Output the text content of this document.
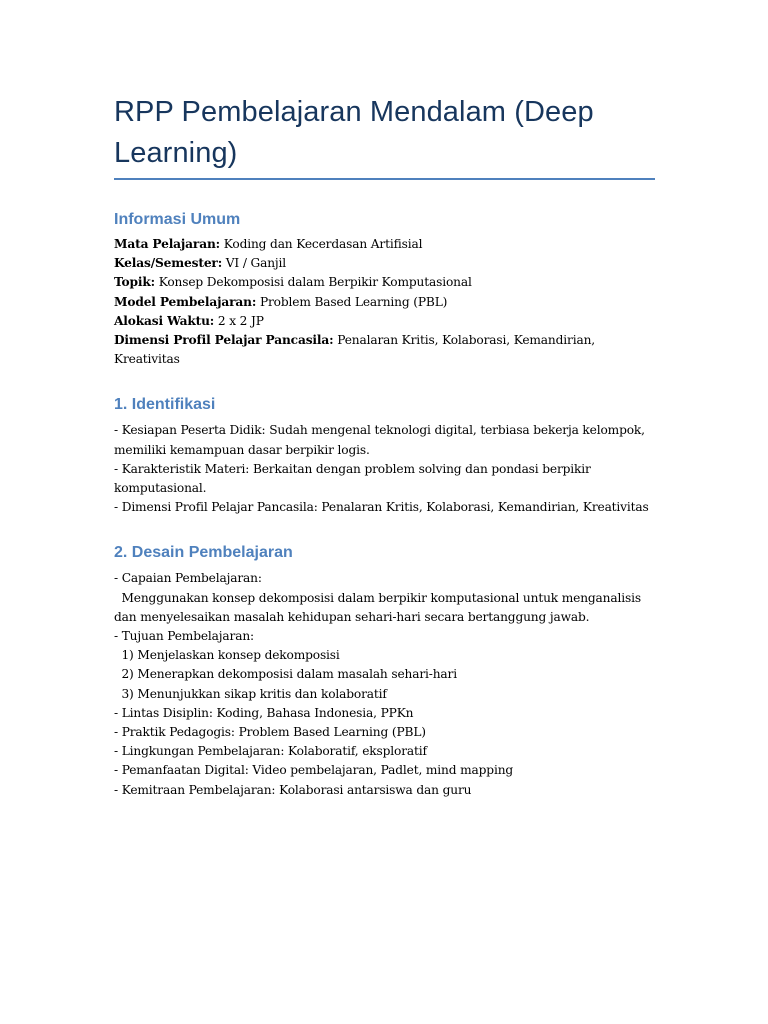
RPP Pembelajaran Mendalam (Deep Learning)
Informasi Umum
Mata Pelajaran: Koding dan Kecerdasan Artifisial
Kelas/Semester: VI / Ganjil
Topik: Konsep Dekomposisi dalam Berpikir Komputasional
Model Pembelajaran: Problem Based Learning (PBL)
Alokasi Waktu: 2 x 2 JP
Dimensi Profil Pelajar Pancasila: Penalaran Kritis, Kolaborasi, Kemandirian, Kreativitas
1. Identifikasi
- Kesiapan Peserta Didik: Sudah mengenal teknologi digital, terbiasa bekerja kelompok, memiliki kemampuan dasar berpikir logis.
- Karakteristik Materi: Berkaitan dengan problem solving dan pondasi berpikir komputasional.
- Dimensi Profil Pelajar Pancasila: Penalaran Kritis, Kolaborasi, Kemandirian, Kreativitas
2. Desain Pembelajaran
- Capaian Pembelajaran:
Menggunakan konsep dekomposisi dalam berpikir komputasional untuk menganalisis dan menyelesaikan masalah kehidupan sehari-hari secara bertanggung jawab.
- Tujuan Pembelajaran:
1) Menjelaskan konsep dekomposisi
2) Menerapkan dekomposisi dalam masalah sehari-hari
3) Menunjukkan sikap kritis dan kolaboratif
- Lintas Disiplin: Koding, Bahasa Indonesia, PPKn
- Praktik Pedagogis: Problem Based Learning (PBL)
- Lingkungan Pembelajaran: Kolaboratif, eksploratif
- Pemanfaatan Digital: Video pembelajaran, Padlet, mind mapping
- Kemitraan Pembelajaran: Kolaborasi antarsiswa dan guru
